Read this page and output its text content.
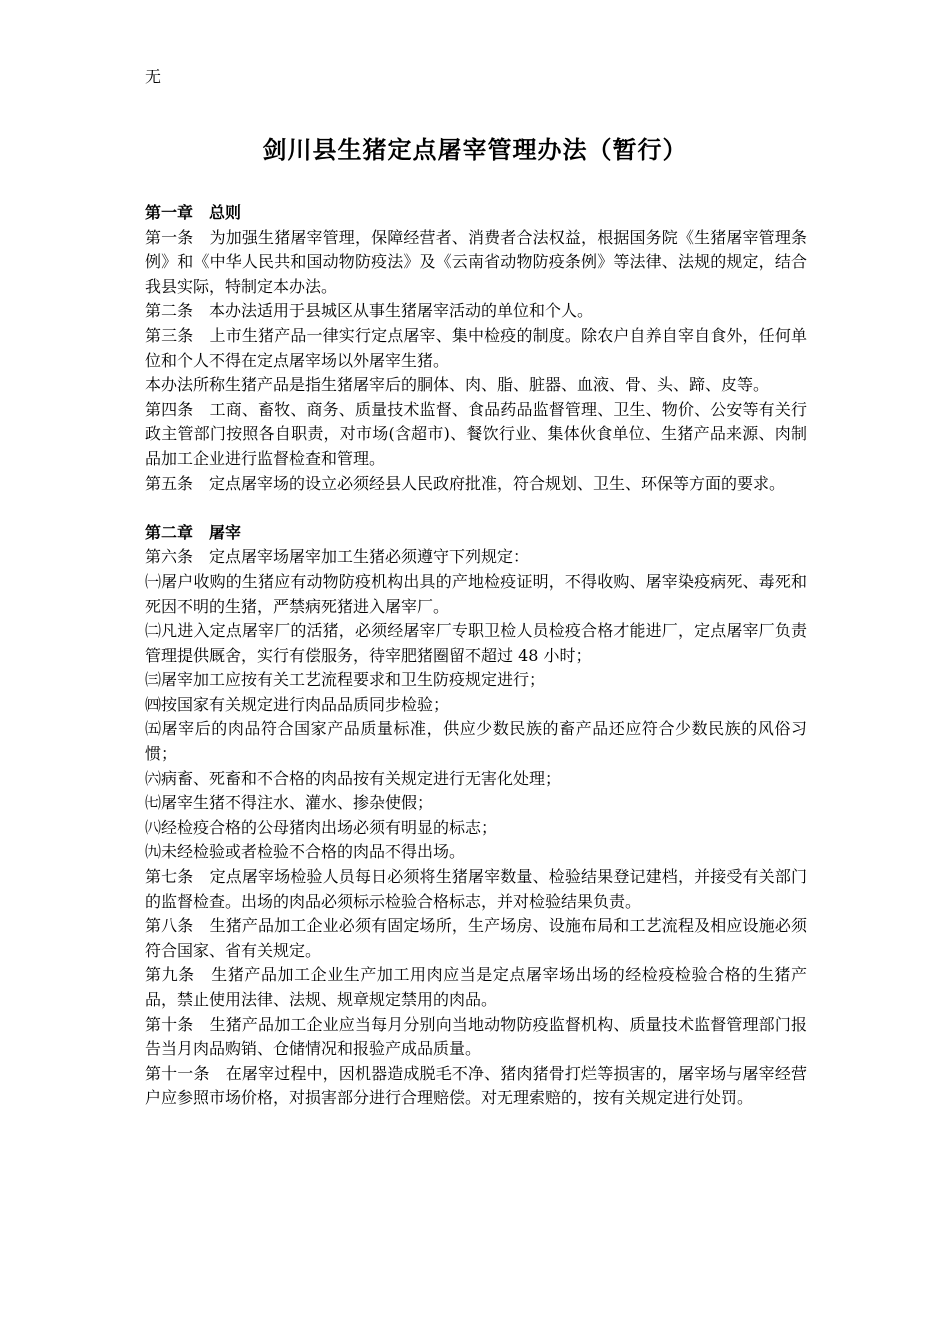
无
剑川县生猪定点屠宰管理办法（暂行）

第一章　总则

第一条　为加强生猪屠宰管理，保障经营者、消费者合法权益，根据国务院《生猪屠宰管理条例》和《中华人民共和国动物防疫法》及《云南省动物防疫条例》等法律、法规的规定，结合我县实际，特制定本办法。

第二条　本办法适用于县城区从事生猪屠宰活动的单位和个人。

第三条　上市生猪产品一律实行定点屠宰、集中检疫的制度。除农户自养自宰自食外，任何单位和个人不得在定点屠宰场以外屠宰生猪。

本办法所称生猪产品是指生猪屠宰后的胴体、肉、脂、脏器、血液、骨、头、蹄、皮等。

第四条　工商、畜牧、商务、质量技术监督、食品药品监督管理、卫生、物价、公安等有关行政主管部门按照各自职责，对市场(含超市)、餐饮行业、集体伙食单位、生猪产品来源、肉制品加工企业进行监督检查和管理。

第五条　定点屠宰场的设立必须经县人民政府批准，符合规划、卫生、环保等方面的要求。

第二章　屠宰

第六条　定点屠宰场屠宰加工生猪必须遵守下列规定：

㈠屠户收购的生猪应有动物防疫机构出具的产地检疫证明，不得收购、屠宰染疫病死、毒死和死因不明的生猪，严禁病死猪进入屠宰厂。

㈡凡进入定点屠宰厂的活猪，必须经屠宰厂专职卫检人员检疫合格才能进厂，定点屠宰厂负责管理提供厩舍，实行有偿服务，待宰肥猪圈留不超过 48 小时；

㈢屠宰加工应按有关工艺流程要求和卫生防疫规定进行；

㈣按国家有关规定进行肉品品质同步检验；

㈤屠宰后的肉品符合国家产品质量标准，供应少数民族的畜产品还应符合少数民族的风俗习惯；

㈥病畜、死畜和不合格的肉品按有关规定进行无害化处理；

㈦屠宰生猪不得注水、灌水、掺杂使假；

㈧经检疫合格的公母猪肉出场必须有明显的标志；

㈨未经检验或者检验不合格的肉品不得出场。

第七条　定点屠宰场检验人员每日必须将生猪屠宰数量、检验结果登记建档，并接受有关部门的监督检查。出场的肉品必须标示检验合格标志，并对检验结果负责。

第八条　生猪产品加工企业必须有固定场所，生产场房、设施布局和工艺流程及相应设施必须符合国家、省有关规定。

第九条　生猪产品加工企业生产加工用肉应当是定点屠宰场出场的经检疫检验合格的生猪产品，禁止使用法律、法规、规章规定禁用的肉品。

第十条　生猪产品加工企业应当每月分别向当地动物防疫监督机构、质量技术监督管理部门报告当月肉品购销、仓储情况和报验产成品质量。

第十一条　在屠宰过程中，因机器造成脱毛不净、猪肉猪骨打烂等损害的，屠宰场与屠宰经营户应参照市场价格，对损害部分进行合理赔偿。对无理索赔的，按有关规定进行处罚。
